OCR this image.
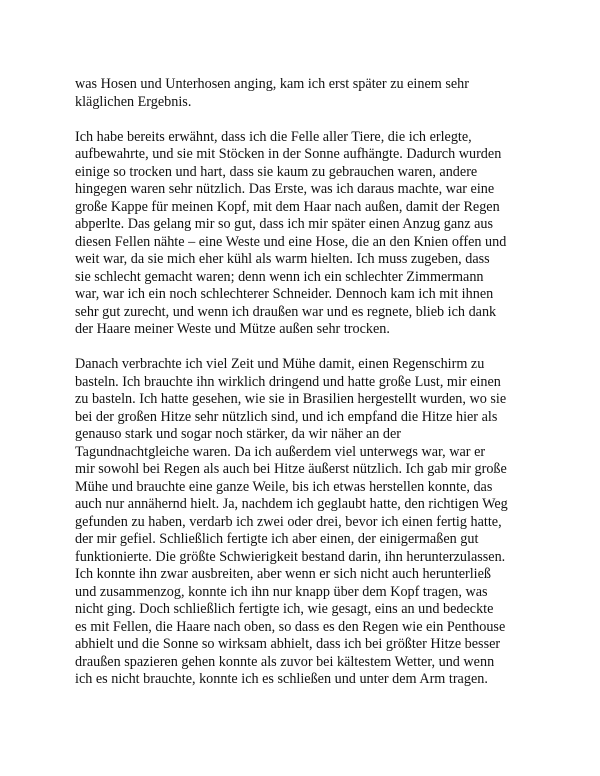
was Hosen und Unterhosen anging, kam ich erst später zu einem sehr
kläglichen Ergebnis.

Ich habe bereits erwähnt, dass ich die Felle aller Tiere, die ich erlegte,
aufbewahrte, und sie mit Stöcken in der Sonne aufhängte. Dadurch wurden
einige so trocken und hart, dass sie kaum zu gebrauchen waren, andere
hingegen waren sehr nützlich. Das Erste, was ich daraus machte, war eine
große Kappe für meinen Kopf, mit dem Haar nach außen, damit der Regen
abperlte. Das gelang mir so gut, dass ich mir später einen Anzug ganz aus
diesen Fellen nähte – eine Weste und eine Hose, die an den Knien offen und
weit war, da sie mich eher kühl als warm hielten. Ich muss zugeben, dass
sie schlecht gemacht waren; denn wenn ich ein schlechter Zimmermann
war, war ich ein noch schlechterer Schneider. Dennoch kam ich mit ihnen
sehr gut zurecht, und wenn ich draußen war und es regnete, blieb ich dank
der Haare meiner Weste und Mütze außen sehr trocken.

Danach verbrachte ich viel Zeit und Mühe damit, einen Regenschirm zu
basteln. Ich brauchte ihn wirklich dringend und hatte große Lust, mir einen
zu basteln. Ich hatte gesehen, wie sie in Brasilien hergestellt wurden, wo sie
bei der großen Hitze sehr nützlich sind, und ich empfand die Hitze hier als
genauso stark und sogar noch stärker, da wir näher an der
Tagundnachtgleiche waren. Da ich außerdem viel unterwegs war, war er
mir sowohl bei Regen als auch bei Hitze äußerst nützlich. Ich gab mir große
Mühe und brauchte eine ganze Weile, bis ich etwas herstellen konnte, das
auch nur annähernd hielt. Ja, nachdem ich geglaubt hatte, den richtigen Weg
gefunden zu haben, verdarb ich zwei oder drei, bevor ich einen fertig hatte,
der mir gefiel. Schließlich fertigte ich aber einen, der einigermaßen gut
funktionierte. Die größte Schwierigkeit bestand darin, ihn herunterzulassen.
Ich konnte ihn zwar ausbreiten, aber wenn er sich nicht auch herunterließ
und zusammenzog, konnte ich ihn nur knapp über dem Kopf tragen, was
nicht ging. Doch schließlich fertigte ich, wie gesagt, eins an und bedeckte
es mit Fellen, die Haare nach oben, so dass es den Regen wie ein Penthouse
abhielt und die Sonne so wirksam abhielt, dass ich bei größter Hitze besser
draußen spazieren gehen konnte als zuvor bei kältestem Wetter, und wenn
ich es nicht brauchte, konnte ich es schließen und unter dem Arm tragen.
